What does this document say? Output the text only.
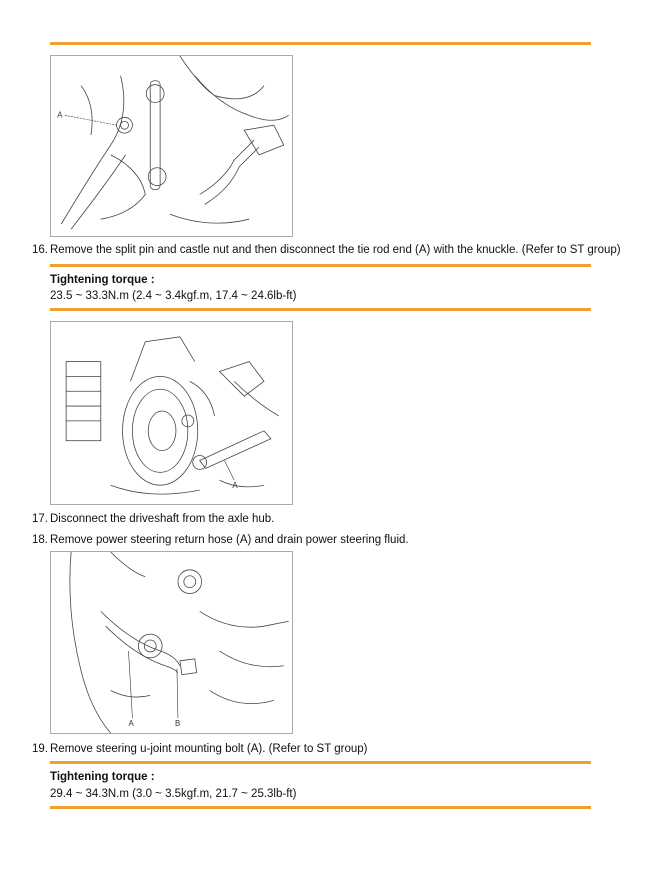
A
16. Remove the split pin and castle nut and then disconnect the tie rod end (A) with the knuckle. (Refer to ST group)
Tightening torque :
23.5 ~ 33.3N.m (2.4 ~ 3.4kgf.m, 17.4 ~ 24.6lb-ft)
A
17. Disconnect the driveshaft from the axle hub.
18. Remove power steering return hose (A) and drain power steering fluid.
A	B
19. Remove steering u-joint mounting bolt (A). (Refer to ST group)
Tightening torque :
29.4 ~ 34.3N.m (3.0 ~ 3.5kgf.m, 21.7 ~ 25.3lb-ft)
